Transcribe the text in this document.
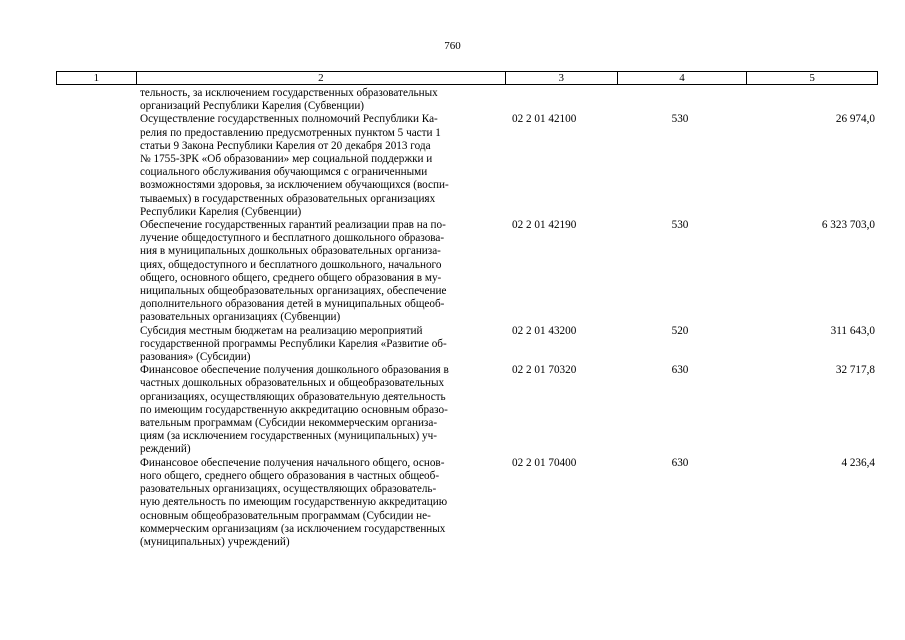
760
1	2	3	4	5
тельность, за исключением государственных образовательных
организаций Республики Карелия (Субвенции)
Осуществление государственных полномочий Республики Ка-
релия по предоставлению предусмотренных пунктом 5 части 1
статьи 9 Закона Республики Карелия от 20 декабря 2013 года
№ 1755-ЗРК «Об образовании» мер социальной поддержки и
социального обслуживания обучающимся с ограниченными
возможностями здоровья, за исключением обучающихся (воспи-
тываемых) в государственных образовательных организациях
Республики Карелия (Субвенции)
02 2 01 42100	530	26 974,0
Обеспечение государственных гарантий реализации прав на по-
лучение общедоступного и бесплатного дошкольного образова-
ния в муниципальных дошкольных образовательных организа-
циях, общедоступного и бесплатного дошкольного, начального
общего, основного общего, среднего общего образования в му-
ниципальных общеобразовательных организациях, обеспечение
дополнительного образования детей в муниципальных общеоб-
разовательных организациях (Субвенции)
02 2 01 42190	530	6 323 703,0
Субсидия местным бюджетам на реализацию мероприятий
государственной программы Республики Карелия «Развитие об-
разования» (Субсидии)
02 2 01 43200	520	311 643,0
Финансовое обеспечение получения дошкольного образования в
частных дошкольных образовательных и общеобразовательных
организациях, осуществляющих образовательную деятельность
по имеющим государственную аккредитацию основным образо-
вательным программам (Субсидии некоммерческим организа-
циям (за исключением государственных (муниципальных) уч-
реждений)
02 2 01 70320	630	32 717,8
Финансовое обеспечение получения начального общего, основ-
ного общего, среднего общего образования в частных общеоб-
разовательных организациях, осуществляющих образователь-
ную деятельность по имеющим государственную аккредитацию
основным общеобразовательным программам (Субсидии не-
коммерческим организациям (за исключением государственных
(муниципальных) учреждений)
02 2 01 70400	630	4 236,4
